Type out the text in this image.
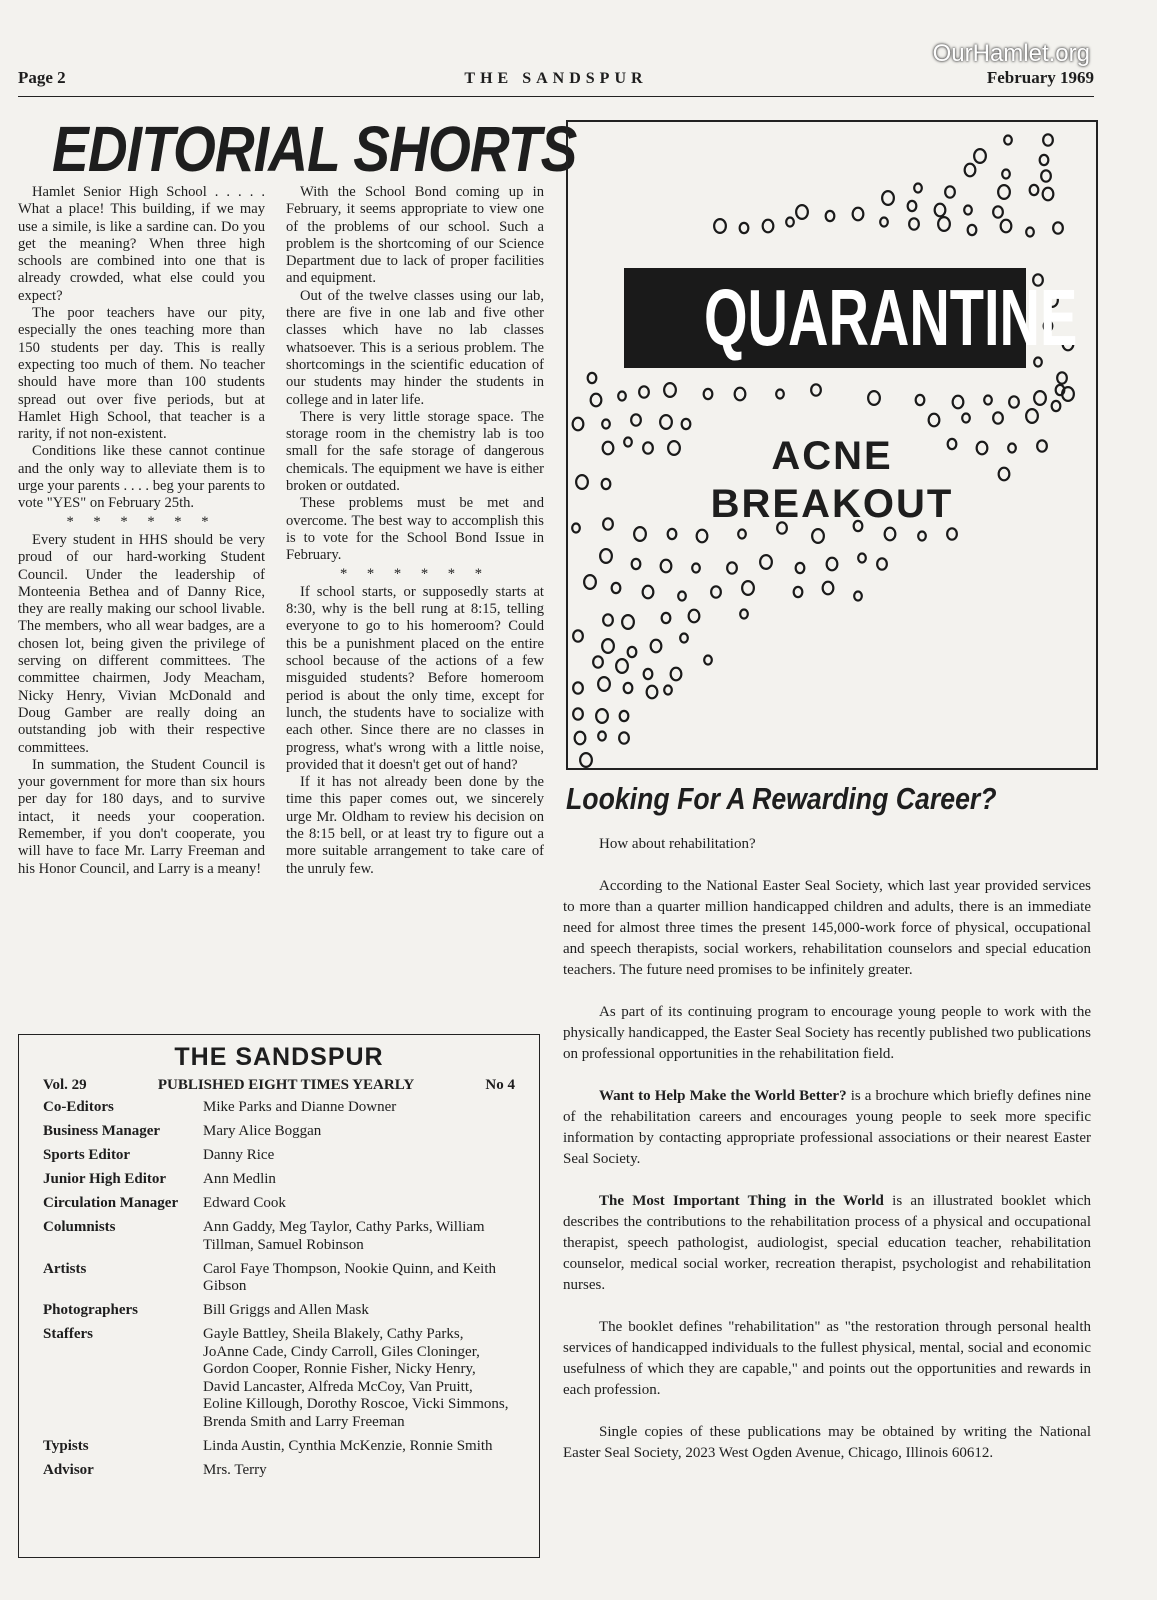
OurHamlet.org
Page 2	THE SANDSPUR	February 1969
EDITORIAL SHORTS

Hamlet Senior High School . . . . . What a place! This building, if we may use a simile, is like a sardine can. Do you get the meaning? When three high schools are combined into one that is already crowded, what else could you expect?

The poor teachers have our pity, especially the ones teaching more than 150 students per day. This is really expecting too much of them. No teacher should have more than 100 students spread out over five periods, but at Hamlet High School, that teacher is a rarity, if not non-existent.

Conditions like these cannot continue and the only way to alleviate them is to urge your parents . . . . beg your parents to vote "YES" on February 25th.

* * * * * *

Every student in HHS should be very proud of our hard-working Student Council. Under the leadership of Monteenia Bethea and of Danny Rice, they are really making our school livable. The members, who all wear badges, are a chosen lot, being given the privilege of serving on different committees. The committee chairmen, Jody Meacham, Nicky Henry, Vivian McDonald and Doug Gamber are really doing an outstanding job with their respective committees.

In summation, the Student Council is your government for more than six hours per day for 180 days, and to survive intact, it needs your cooperation. Remember, if you don't cooperate, you will have to face Mr. Larry Freeman and his Honor Council, and Larry is a meany!

With the School Bond coming up in February, it seems appropriate to view one of the problems of our school. Such a problem is the shortcoming of our Science Department due to lack of proper facilities and equipment.

Out of the twelve classes using our lab, there are five in one lab and five other classes which have no lab classes whatsoever. This is a serious problem. The shortcomings in the scientific education of our students may hinder the students in college and in later life.

There is very little storage space. The storage room in the chemistry lab is too small for the safe storage of dangerous chemicals. The equipment we have is either broken or outdated.

These problems must be met and overcome. The best way to accomplish this is to vote for the School Bond Issue in February.

* * * * * *

If school starts, or supposedly starts at 8:30, why is the bell rung at 8:15, telling everyone to go to his homeroom? Could this be a punishment placed on the entire school because of the actions of a few misguided students? Before homeroom period is about the only time, except for lunch, the students have to socialize with each other. Since there are no classes in progress, what's wrong with a little noise, provided that it doesn't get out of hand?

If it has not already been done by the time this paper comes out, we sincerely urge Mr. Oldham to review his decision on the 8:15 bell, or at least try to figure out a more suitable arrangement to take care of the unruly few.

THE SANDSPUR
Vol. 29	PUBLISHED EIGHT TIMES YEARLY	No 4
Co-Editors	Mike Parks and Dianne Downer
Business Manager	Mary Alice Boggan
Sports Editor	Danny Rice
Junior High Editor	Ann Medlin
Circulation Manager	Edward Cook
Columnists	Ann Gaddy, Meg Taylor, Cathy Parks, William Tillman, Samuel Robinson
Artists	Carol Faye Thompson, Nookie Quinn, and Keith Gibson
Photographers	Bill Griggs and Allen Mask
Staffers	Gayle Battley, Sheila Blakely, Cathy Parks, JoAnne Cade, Cindy Carroll, Giles Cloninger, Gordon Cooper, Ronnie Fisher, Nicky Henry, David Lancaster, Alfreda McCoy, Van Pruitt, Eoline Killough, Dorothy Roscoe, Vicki Simmons, Brenda Smith and Larry Freeman
Typists	Linda Austin, Cynthia McKenzie, Ronnie Smith
Advisor	Mrs. Terry
QUARANTINE
ACNE
BREAKOUT
Looking For A Rewarding Career?

How about rehabilitation?

According to the National Easter Seal Society, which last year provided services to more than a quarter million handicapped children and adults, there is an immediate need for almost three times the present 145,000-work force of physical, occupational and speech therapists, social workers, rehabilitation counselors and special education teachers. The future need promises to be infinitely greater.

As part of its continuing program to encourage young people to work with the physically handicapped, the Easter Seal Society has recently published two publications on professional opportunities in the rehabilitation field.

Want to Help Make the World Better? is a brochure which briefly defines nine of the rehabilitation careers and encourages young people to seek more specific information by contacting appropriate professional associations or their nearest Easter Seal Society.

The Most Important Thing in the World is an illustrated booklet which describes the contributions to the rehabilitation process of a physical and occupational therapist, speech pathologist, audiologist, special education teacher, rehabilitation counselor, medical social worker, recreation therapist, psychologist and rehabilitation nurses.

The booklet defines "rehabilitation" as "the restoration through personal health services of handicapped individuals to the fullest physical, mental, social and economic usefulness of which they are capable," and points out the opportunities and rewards in each profession.

Single copies of these publications may be obtained by writing the National Easter Seal Society, 2023 West Ogden Avenue, Chicago, Illinois 60612.
